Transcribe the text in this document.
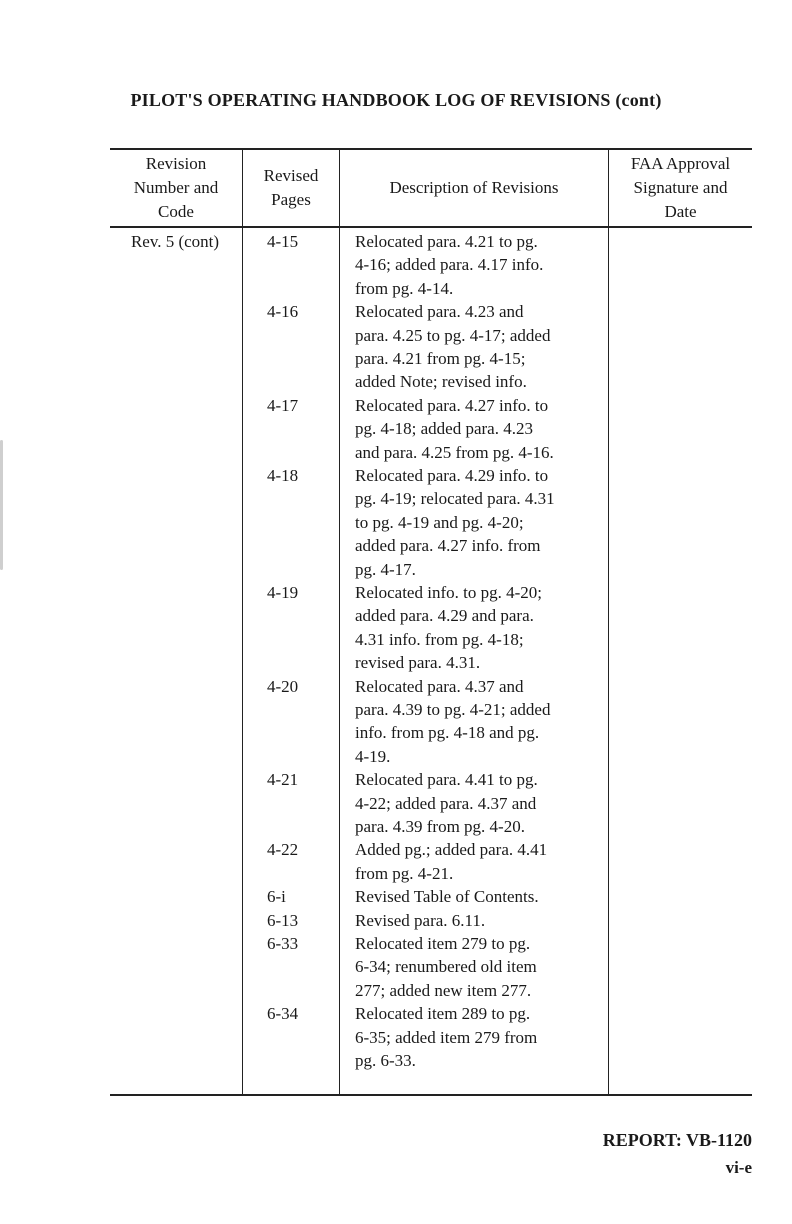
PILOT'S OPERATING HANDBOOK LOG OF REVISIONS (cont)
Revision
Number and
Code
Revised
Pages
Description of Revisions
FAA Approval
Signature and
Date
Rev. 5 (cont)	4-15
4-16
4-17
4-18
4-19
4-20
4-21
4-22
6-i
6-13
6-33
6-34
Relocated para. 4.21 to pg.
4-16; added para. 4.17 info.
from pg. 4-14.
Relocated para. 4.23 and
para. 4.25 to pg. 4-17; added
para. 4.21 from pg. 4-15;
added Note; revised info.
Relocated para. 4.27 info. to
pg. 4-18; added para. 4.23
and para. 4.25 from pg. 4-16.
Relocated para. 4.29 info. to
pg. 4-19; relocated para. 4.31
to pg. 4-19 and pg. 4-20;
added para. 4.27 info. from
pg. 4-17.
Relocated info. to pg. 4-20;
added para. 4.29 and para.
4.31 info. from pg. 4-18;
revised para. 4.31.
Relocated para. 4.37 and
para. 4.39 to pg. 4-21; added
info. from pg. 4-18 and pg.
4-19.
Relocated para. 4.41 to pg.
4-22; added para. 4.37 and
para. 4.39 from pg. 4-20.
Added pg.; added para. 4.41
from pg. 4-21.
Revised Table of Contents.
Revised para. 6.11.
Relocated item 279 to pg.
6-34; renumbered old item
277; added new item 277.
Relocated item 289 to pg.
6-35; added item 279 from
pg. 6-33.
REPORT: VB-1120
vi-e
